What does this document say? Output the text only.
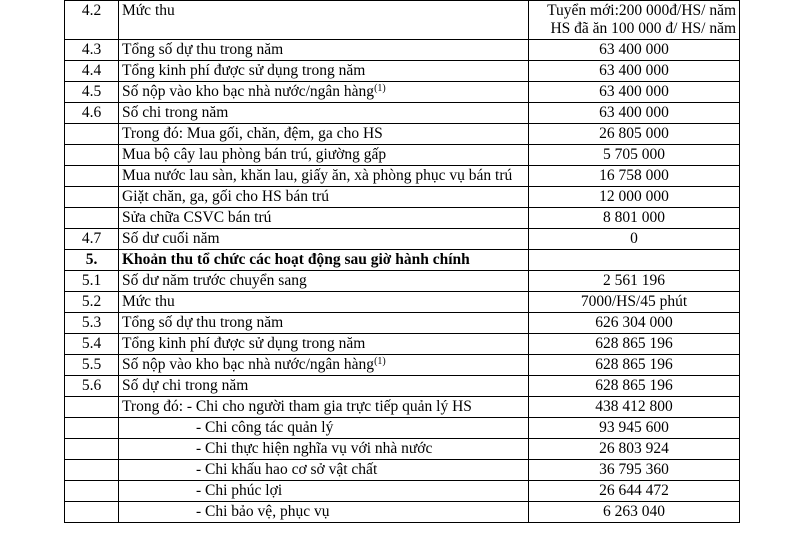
4.2	Mức thu	Tuyển mới:200 000đ/HS/ năm
HS đã ăn 100 000 đ/ HS/ năm
4.3	Tổng số dự thu trong năm	63 400 000
4.4	Tổng kinh phí được sử dụng trong năm	63 400 000
4.5	Số nộp vào kho bạc nhà nước/ngân hàng$^{(1)}$	63 400 000
4.6	Số chi trong năm	63 400 000
	Trong đó: Mua gối, chăn, đệm, ga cho HS	26 805 000
	Mua bộ cây lau phòng bán trú, giường gấp	5 705 000
	Mua nước lau sàn, khăn lau, giấy ăn, xà phòng phục vụ bán trú	16 758 000
	Giặt chăn, ga, gối cho HS bán trú	12 000 000
	Sửa chữa CSVC bán trú	8 801 000
4.7	Số dư cuối năm	0
5.	Khoản thu tổ chức các hoạt động sau giờ hành chính	
5.1	Số dư năm trước chuyển sang	2 561 196
5.2	Mức thu	7000/HS/45 phút
5.3	Tổng số dự thu trong năm	626 304 000
5.4	Tổng kinh phí được sử dụng trong năm	628 865 196
5.5	Số nộp vào kho bạc nhà nước/ngân hàng$^{(1)}$	628 865 196
5.6	Số dự chi trong năm	628 865 196
	Trong đó: - Chi cho người tham gia trực tiếp quản lý HS	438 412 800
	- Chi công tác quản lý	93 945 600
	- Chi thực hiện nghĩa vụ với nhà nước	26 803 924
	- Chi khấu hao cơ sở vật chất	36 795 360
	- Chi phúc lợi	26 644 472
	- Chi bảo vệ, phục vụ	6 263 040
